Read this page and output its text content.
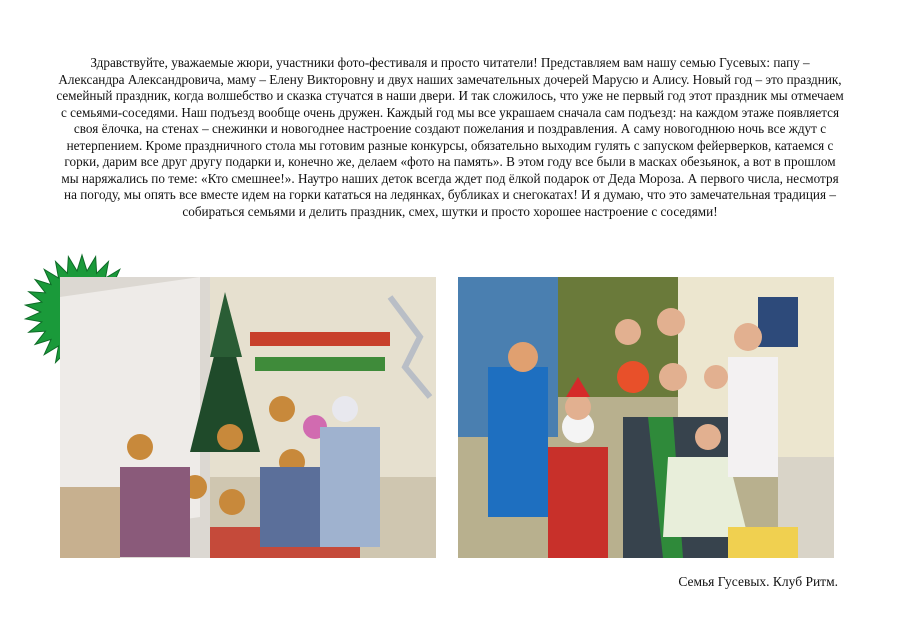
Здравствуйте, уважаемые жюри, участники фото-фестиваля и просто читатели! Представляем вам нашу семью Гусевых: папу – Александра Александровича, маму – Елену Викторовну и двух наших замечательных дочерей Марусю и Алису. Новый год – это праздник, семейный праздник, когда волшебство и сказка стучатся в наши двери. И так сложилось, что уже не первый год этот праздник мы отмечаем с семьями-соседями. Наш подъезд вообще очень дружен. Каждый год мы все украшаем сначала сам подъезд: на каждом этаже появляется своя ёлочка, на стенах – снежинки и новогоднее настроение создают пожелания и поздравления. А саму новогоднюю ночь все ждут с нетерпением. Кроме праздничного стола мы готовим разные конкурсы, обязательно выходим гулять с запуском фейерверков, катаемся с горки, дарим все друг другу подарки и, конечно же, делаем «фото на память». В этом году все были в масках обезьянок, а вот в прошлом мы наряжались по теме: «Кто смешнее!». Наутро наших деток всегда ждет под ёлкой подарок от Деда Мороза. А первого числа, несмотря на погоду, мы опять все вместе идем на горки кататься на ледянках, бубликах и снегокатах! И я думаю, что это замечательная традиция – собираться семьями и делить праздник, смех, шутки и просто хорошее настроение с соседями!

Семья Гусевых. Клуб Ритм.
